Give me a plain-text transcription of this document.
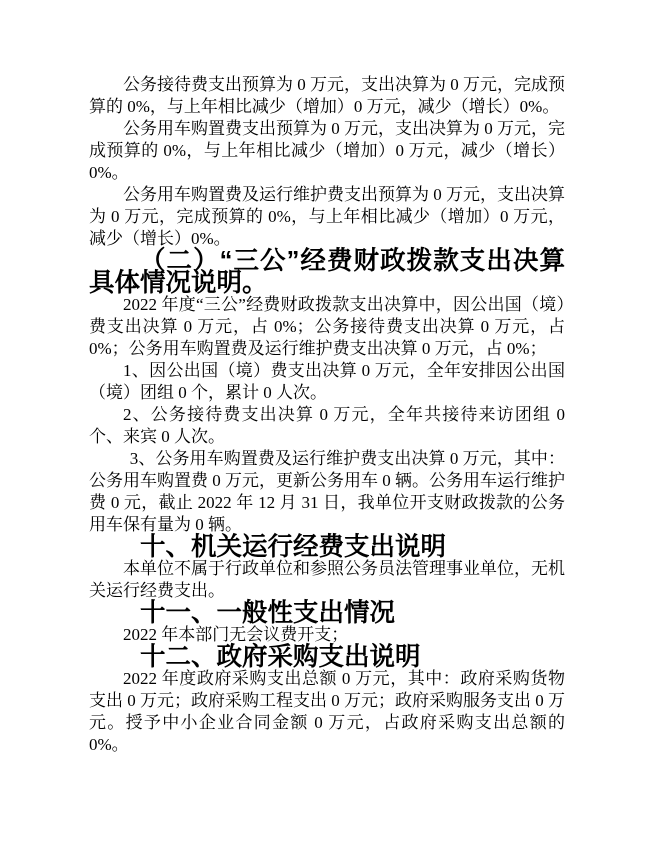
公务接待费支出预算为 0 万元，支出决算为 0 万元，完成预算的 0%，与上年相比减少（增加）0 万元，减少（增长）0%。

公务用车购置费支出预算为 0 万元，支出决算为 0 万元，完成预算的 0%，与上年相比减少（增加）0 万元，减少（增长）0%。

公务用车购置费及运行维护费支出预算为 0 万元，支出决算为 0 万元，完成预算的 0%，与上年相比减少（增加）0 万元，减少（增长）0%。

（二）“三公”经费财政拨款支出决算具体情况说明。

2022 年度“三公”经费财政拨款支出决算中，因公出国（境）费支出决算 0 万元，占 0%；公务接待费支出决算 0 万元，占 0%；公务用车购置费及运行维护费支出决算 0 万元，占 0%；

1、因公出国（境）费支出决算 0 万元，全年安排因公出国（境）团组 0 个，累计 0 人次。

2、公务接待费支出决算 0 万元，全年共接待来访团组 0 个、来宾 0 人次。

3、公务用车购置费及运行维护费支出决算 0 万元，其中：公务用车购置费 0 万元，更新公务用车 0 辆。公务用车运行维护费 0 元，截止 2022 年 12 月 31 日，我单位开支财政拨款的公务用车保有量为 0 辆。

十、机关运行经费支出说明

本单位不属于行政单位和参照公务员法管理事业单位，无机关运行经费支出。

十一、一般性支出情况

2022 年本部门无会议费开支；

十二、政府采购支出说明

2022 年度政府采购支出总额 0 万元，其中：政府采购货物支出 0 万元；政府采购工程支出 0 万元；政府采购服务支出 0 万元。授予中小企业合同金额 0 万元，占政府采购支出总额的 0%。
